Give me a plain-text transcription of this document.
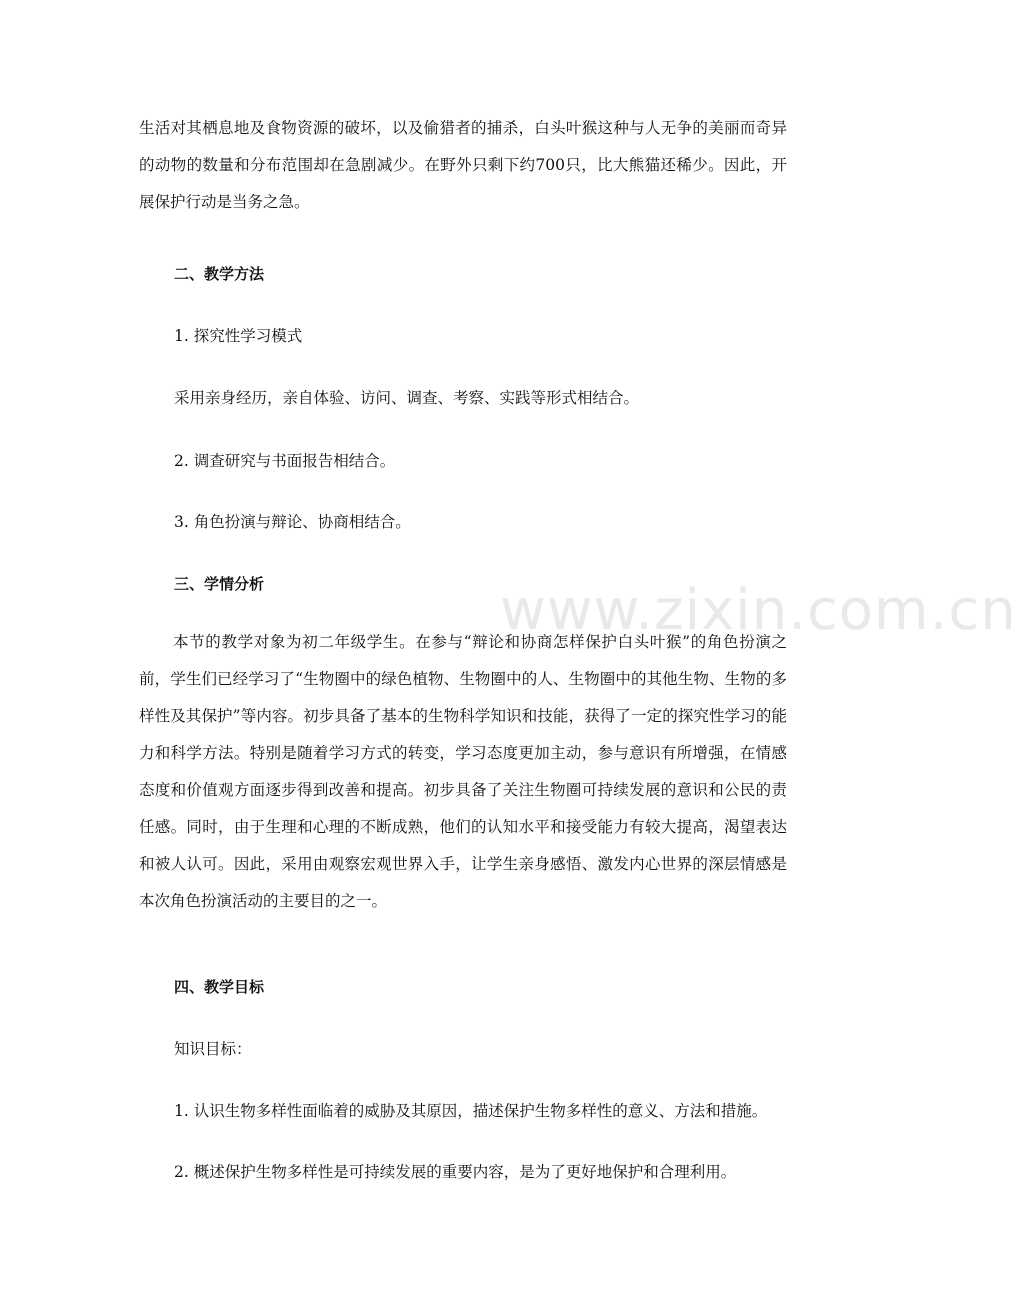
www.zixin.com.cn

生活对其栖息地及食物资源的破坏，以及偷猎者的捕杀，白头叶猴这种与人无争的美丽而奇异的动物的数量和分布范围却在急剧减少。在野外只剩下约700只，比大熊猫还稀少。因此，开展保护行动是当务之急。

二、教学方法

1. 探究性学习模式

采用亲身经历，亲自体验、访问、调查、考察、实践等形式相结合。

2. 调查研究与书面报告相结合。

3. 角色扮演与辩论、协商相结合。

三、学情分析

本节的教学对象为初二年级学生。在参与“辩论和协商怎样保护白头叶猴”的角色扮演之前，学生们已经学习了“生物圈中的绿色植物、生物圈中的人、生物圈中的其他生物、生物的多样性及其保护”等内容。初步具备了基本的生物科学知识和技能，获得了一定的探究性学习的能力和科学方法。特别是随着学习方式的转变，学习态度更加主动，参与意识有所增强，在情感态度和价值观方面逐步得到改善和提高。初步具备了关注生物圈可持续发展的意识和公民的责任感。同时，由于生理和心理的不断成熟，他们的认知水平和接受能力有较大提高，渴望表达和被人认可。因此，采用由观察宏观世界入手，让学生亲身感悟、激发内心世界的深层情感是本次角色扮演活动的主要目的之一。

四、教学目标

知识目标：

1. 认识生物多样性面临着的威胁及其原因，描述保护生物多样性的意义、方法和措施。

2. 概述保护生物多样性是可持续发展的重要内容，是为了更好地保护和合理利用。
